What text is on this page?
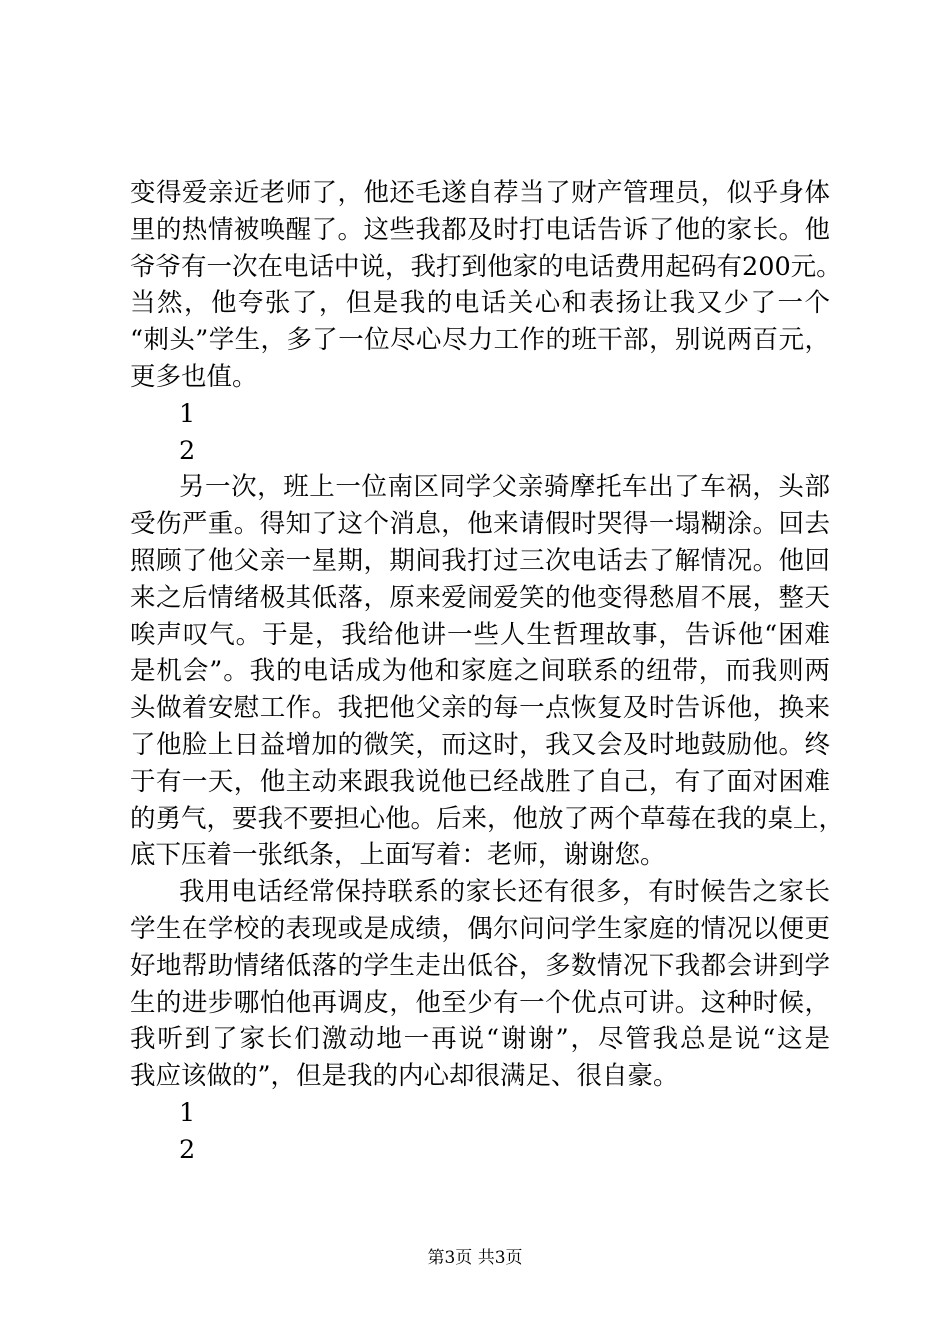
变得爱亲近老师了，他还毛遂自荐当了财产管理员，似乎身体
里的热情被唤醒了。这些我都及时打电话告诉了他的家长。他
爷爷有一次在电话中说，我打到他家的电话费用起码有200元。
当然，他夸张了，但是我的电话关心和表扬让我又少了一个
“刺头”学生，多了一位尽心尽力工作的班干部，别说两百元，
更多也值。
1
2
另一次，班上一位南区同学父亲骑摩托车出了车祸，头部
受伤严重。得知了这个消息，他来请假时哭得一塌糊涂。回去
照顾了他父亲一星期，期间我打过三次电话去了解情况。他回
来之后情绪极其低落，原来爱闹爱笑的他变得愁眉不展，整天
唉声叹气。于是，我给他讲一些人生哲理故事，告诉他“困难
是机会”。我的电话成为他和家庭之间联系的纽带，而我则两
头做着安慰工作。我把他父亲的每一点恢复及时告诉他，换来
了他脸上日益增加的微笑，而这时，我又会及时地鼓励他。终
于有一天，他主动来跟我说他已经战胜了自己，有了面对困难
的勇气，要我不要担心他。后来，他放了两个草莓在我的桌上，
底下压着一张纸条，上面写着：老师，谢谢您。
我用电话经常保持联系的家长还有很多，有时候告之家长
学生在学校的表现或是成绩，偶尔问问学生家庭的情况以便更
好地帮助情绪低落的学生走出低谷，多数情况下我都会讲到学
生的进步哪怕他再调皮，他至少有一个优点可讲。这种时候，
我听到了家长们激动地一再说“谢谢”，尽管我总是说“这是
我应该做的”，但是我的内心却很满足、很自豪。
1
2
第3页 共3页
